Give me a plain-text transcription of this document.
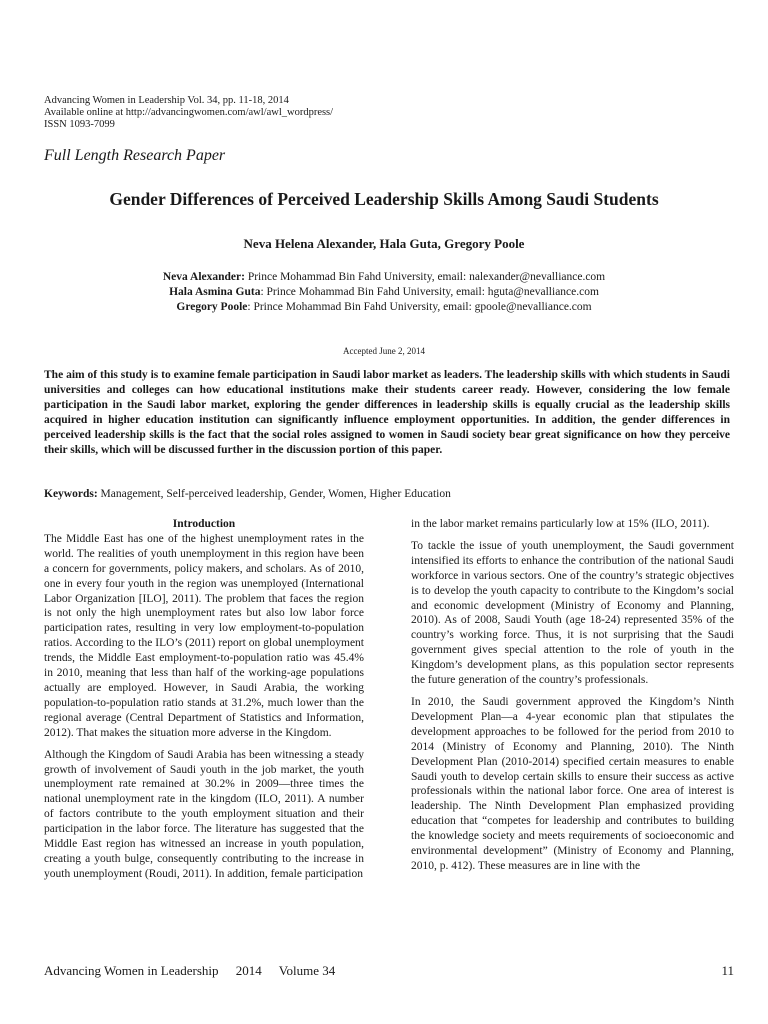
Advancing Women in Leadership Vol. 34, pp. 11-18, 2014
Available online at http://advancingwomen.com/awl/awl_wordpress/
ISSN 1093-7099
Full Length Research Paper
Gender Differences of Perceived Leadership Skills Among Saudi Students
Neva Helena Alexander, Hala Guta, Gregory Poole
Neva Alexander: Prince Mohammad Bin Fahd University, email: nalexander@nevalliance.com
Hala Asmina Guta: Prince Mohammad Bin Fahd University, email: hguta@nevalliance.com
Gregory Poole: Prince Mohammad Bin Fahd University, email: gpoole@nevalliance.com
Accepted June 2, 2014
The aim of this study is to examine female participation in Saudi labor market as leaders. The leadership skills with which students in Saudi universities and colleges can how educational institutions make their students career ready. However, considering the low female participation in the Saudi labor market, exploring the gender differences in leadership skills is equally crucial as the leadership skills acquired in higher education institution can significantly influence employment opportunities. In addition, the gender differences in perceived leadership skills is the fact that the social roles assigned to women in Saudi society bear great significance on how they perceive their skills, which will be discussed further in the discussion portion of this paper.
Keywords: Management, Self-perceived leadership, Gender, Women, Higher Education
Introduction

The Middle East has one of the highest unemployment rates in the world. The realities of youth unemployment in this region have been a concern for governments, policy makers, and scholars. As of 2010, one in every four youth in the region was unemployed (International Labor Organization [ILO], 2011). The problem that faces the region is not only the high unemployment rates but also low labor force participation rates, resulting in very low employment-to-population ratios. According to the ILO’s (2011) report on global unemployment trends, the Middle East employment-to-population ratio was 45.4% in 2010, meaning that less than half of the working-age populations actually are employed. However, in Saudi Arabia, the working population-to-population ratio stands at 31.2%, much lower than the regional average (Central Department of Statistics and Information, 2012). That makes the situation more adverse in the Kingdom.

Although the Kingdom of Saudi Arabia has been witnessing a steady growth of involvement of Saudi youth in the job market, the youth unemployment rate remained at 30.2% in 2009—three times the national unemployment rate in the kingdom (ILO, 2011). A number of factors contribute to the youth employment situation and their participation in the labor force. The literature has suggested that the Middle East region has witnessed an increase in youth population, creating a youth bulge, consequently contributing to the increase in youth unemployment (Roudi, 2011). In addition, female participation

in the labor market remains particularly low at 15% (ILO, 2011).

To tackle the issue of youth unemployment, the Saudi government intensified its efforts to enhance the contribution of the national Saudi workforce in various sectors. One of the country’s strategic objectives is to develop the youth capacity to contribute to the Kingdom’s social and economic development (Ministry of Economy and Planning, 2010). As of 2008, Saudi Youth (age 18-24) represented 35% of the country’s working force. Thus, it is not surprising that the Saudi government gives special attention to the role of youth in the Kingdom’s development plans, as this population sector represents the future generation of the country’s professionals.

In 2010, the Saudi government approved the Kingdom’s Ninth Development Plan—a 4-year economic plan that stipulates the development approaches to be followed for the period from 2010 to 2014 (Ministry of Economy and Planning, 2010). The Ninth Development Plan (2010-2014) specified certain measures to enable Saudi youth to develop certain skills to ensure their success as active professionals within the national labor force. One area of interest is leadership. The Ninth Development Plan emphasized providing education that “competes for leadership and contributes to building the knowledge society and meets requirements of socioeconomic and environmental development” (Ministry of Economy and Planning, 2010, p. 412). These measures are in line with the

Advancing Women in Leadership 2014 Volume 34	11
